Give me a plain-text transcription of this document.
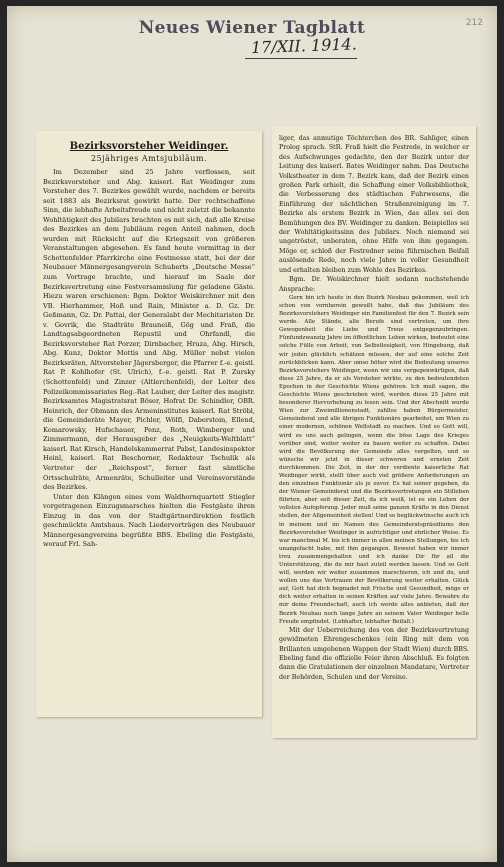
212
Neues Wiener Tagblatt
17/XII. 1914.
Bezirksvorsteher Weidinger.
25jähriges Amtsjubiläum.

Im Dezember sind 25 Jahre verflossen, seit Bezirksvorsteher und Abg. kaiserl. Rat Weidinger zum Vorsteher des 7. Bezirkes gewählt wurde, nachdem er bereits seit 1883 als Bezirksrat gewirkt hatte. Der rechtschaffene Sinn, die lebhafte Arbeitsfreude und nicht zuletzt die bekannte Wohltätigkeit des Jubilars brachten es mit sich, daß alle Kreise des Bezirkes an dem Jubiläum regen Anteil nahmen, doch wurden mit Rücksicht auf die Kriegszeit von größeren Veranstaltungen abgesehen. Es fand heute vormittag in der Schottenfelder Pfarrkirche eine Festmesse statt, bei der der Neubauer Männergesangverein Schuberts „Deutsche Messe“ zum Vortrage brachte, und hierauf im Saale der Bezirksvertretung eine Festversammlung für geladene Gäste. Hiezu waren erschienen: Bgm. Doktor Weiskirchner mit den VB. Hierhammer, Hoß und Rain, Minister a. D. Gz. Dr. Geßmann, Gz. Dr. Pattai, der Generalabt der Mechitaristen Dr. v. Govrik, die Stadträte Brauneiß, Gög und Fraß, die Landtagsabgeordneten Repustil und Ohrfandl, die Bezirksvorsteher Rat Porzer, Dirnbacher, Hruza, Abg. Hirsch, Abg. Kunz, Doktor Mottis und Abg. Müller nebst vielen Bezirksräten, Altvorsteher Jägersberger, die Pfarrer f.-e. geistl. Rat P. Kohlhofer (St. Ulrich), f.-e. geistl. Rat P. Zursky (Schottenfeld) und Zinzer (Altlerchenfeld), der Leiter des Polizeikommissariates Reg.-Rat Lauber, der Leiter des magistr. Bezirksamtes Magistratsrat Böser, Hofrat Dr. Schindler, OBR. Heinrich, der Obmann des Armeninstitutes kaiserl. Rat Ströbl, die Gemeinderäte Mayer, Pichler, Wölfl, Daberstom, Ellend, Komarowsky, Hufschauer, Penz, Roth, Wimberger und Zimmermann, der Herausgeber des „Neuigkeits-Weltblatt“ kaiserl. Rat Kirsch, Handelskammerrat Pabst, Landesinspektor Heinl, kaiserl. Rat Beschorner, Redakteur Tschulik als Vertreter der „Reichspost“, ferner fast sämtliche Ortsschulräte, Armenräte, Schulleiter und Vereinsvorstände des Bezirkes.

Unter den Klängen eines vom Waldhornquartett Stiegler vorgetragenen Einzugsmarsches hielten die Festgäste ihren Einzug in das von der Stadtgärtnerdirektion festlich geschmückte Amtshaus. Nach Liedervorträgen des Neubauer Männergesangvereins begrüßte BBS. Ebeling die Festgäste, worauf Frl. Sah-

liger, das anmutige Töchterchen des BR. Sahliger, einen Prolog sprach. StR. Fraß hielt die Festrede, in welcher er des Aufschwunges gedachte, den der Bezirk unter der Leitung des kaiserl. Rates Weidinger nahm. Das Deutsche Volkstheater in dem 7. Bezirk kam, daß der Bezirk einen großen Park erhielt, die Schaffung einer Volksbibliothek, die Verbesserung des städtischen Fuhrwesens, die Einführung der nächtlichen Straßenreinigung im 7. Bezirke als erstem Bezirk in Wien, das alles sei den Bemühungen des BV. Weidinger zu danken. Beispiellos sei der Wohltätigkeitssinn des Jubilars. Noch niemand sei ungetröstet, unberaten, ohne Hilfe von ihm gegangen. Möge er, schloß der Festredner seine führnischen Beifall auslösende Rede, noch viele Jahre in voller Gesundheit und erhalten bleiben zum Wohle des Bezirkes.

Bgm. Dr. Weiskirchner hielt sodann nachstehende Ansprache:

Gern bin ich heute in den Bezirk Neubau gekommen, weil ich schon von vornherein gewußt habe, daß das Jubiläum des Bezirksvorstehers Weidinger ein Familienfest für den 7. Bezirk sein werde. Alle Stände, alle Berufe sind vertreten, um ihre Gewogenheit die Liebe und Treue entgegenzubringen. Fünfundzwanzig Jahre im öffentlichen Leben wirken, bedeutet eine solche Fülle von Arbeit, von Selbstlosigkeit, von Hingebung, daß wir jeden glücklich schätzen müssen, der auf eine solche Zeit zurückblicken kann. Aber umso höher wird die Bedeutung unseres Bezirksvorstehers Weidinger, wenn wir uns vergegenwärtigen, daß diese 25 Jahre, da er als Vorsteher wirkte, zu den bedeutendsten Epochen in der Geschichte Wiens gehören. Ich muß sagen, die Geschichte Wiens geschrieben wird, werden diese 25 Jahre mit besonderer Hervorhebung zu lesen sein. Und der Abschnitt wurde Wien zur Zweimillionenstadt, zahllos haben Bürgermeister, Gemeinderat und alle übrigen Funktionäre gearbeitet, um Wien zu einer modernen, schönen Weltstadt zu machen. Und so Gott will, wird es uns auch gelingen, wenn die böse Lage des Krieges vorüber sind, weiter weiter zu bauen weiter zu schaffen. Dabei wird die Bevölkerung der Gemeinde alles vergelten, und so wünsche wir jetzt in dieser schweren und ernsten Zeit durchkommen. Die Zeit, in der der verdiente kaiserliche Rat Weidinger wirkt, stellt über auch viel größere Anforderungen an den einzelnen Funktionär als je zuvor. Es hat seiner gegeben, da der Wiener Gemeinderat und die Bezirksvertretungen ein Stilleben führten, aber seit dieser Zeit, da ich weiß, ist es ein Leben der vollsten Aufopferung. Jeder muß seine ganzen Kräfte in den Dienst stellen, der Allgemeinheit stellen! Und so beglückwünsche auch ich in meinem und im Namen des Gemeinderatspräsidiums den Bezirksvorsteher Weidinger in aufrichtiger und ehrlicher Weise. Es war manchmal M. bis ich immer in allen meinen Stellungen, bis ich unangefacht habe, mit ihm gegangen. Beweist haben wir immer treu zusammengehalten und ich danke Dir für all die Unterstützung, die du mir hast zuteil werden lassen. Und so Gott will, werden wir weiter zusammen marschieren, ich und du, und wollen uns das Vertrauen der Bevölkerung weiter erhalten. Glück auf, Gott hat dich begnadet mit Frische und Gesundheit, möge er dich weiter erhalten in seinen Kräften auf viele Jahre. Bewahre du mir deine Freundschaft, auch ich werde alles anbieten, daß der Bezirk Neubau noch lange Jahre an seinem Vater Weidinger helle Freude empfindet. (Lebhafter, lebhafter Beifall.)

Mit der Ueberreichung des von der Bezirksvertretung gewidmeten Ehrengeschenkes (ein Ring mit dem von Brillanten umgebenen Wappen der Stadt Wien) durch BBS. Ebeling fand die offizielle Feier ihren Abschluß. Es folgten dann die Gratulationen der einzelnen Mandatare, Vertreter der Behörden, Schulen und der Vereine.
